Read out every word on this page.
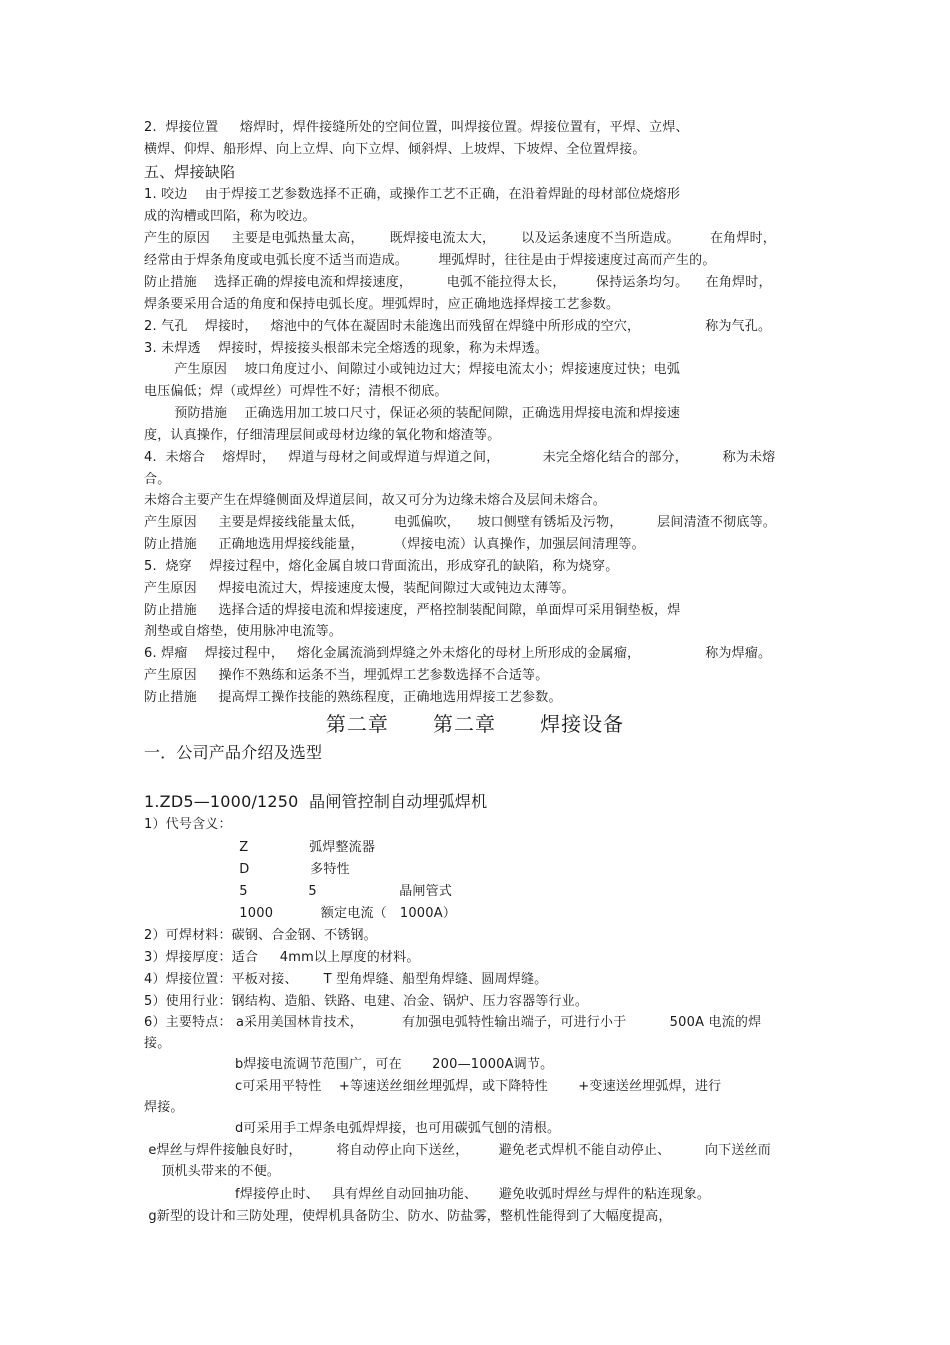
2.  焊接位置     熔焊时，焊件接缝所处的空间位置，叫焊接位置。焊接位置有，平焊、立焊、
横焊、仰焊、船形焊、向上立焊、向下立焊、倾斜焊、上坡焊、下坡焊、全位置焊接。
五、焊接缺陷
1. 咬边    由于焊接工艺参数选择不正确，或操作工艺不正确，在沿着焊趾的母材部位烧熔形
成的沟槽或凹陷，称为咬边。
产生的原因     主要是电弧热量太高，      既焊接电流太大，      以及运条速度不当所造成。       在角焊时，
经常由于焊条角度或电弧长度不适当而造成。       埋弧焊时，往往是由于焊接速度过高而产生的。
防止措施    选择正确的焊接电流和焊接速度，        电弧不能拉得太长，       保持运条均匀。    在角焊时，
焊条要采用合适的角度和保持电弧长度。埋弧焊时，应正确地选择焊接工艺参数。
2. 气孔    焊接时，   熔池中的气体在凝固时未能逸出而残留在焊缝中所形成的空穴，               称为气孔。
3. 未焊透    焊接时，焊接接头根部未完全熔透的现象，称为未焊透。
产生原因    坡口角度过小、间隙过小或钝边过大；焊接电流太小；焊接速度过快；电弧
电压偏低；焊（或焊丝）可焊性不好；清根不彻底。
预防措施    正确选用加工坡口尺寸，保证必须的装配间隙，正确选用焊接电流和焊接速
度，认真操作，仔细清理层间或母材边缘的氧化物和熔渣等。
4.  未熔合    熔焊时，   焊道与母材之间或焊道与焊道之间，          未完全熔化结合的部分，        称为未熔
合。
未熔合主要产生在焊缝侧面及焊道层间，故又可分为边缘未熔合及层间未熔合。
产生原因     主要是焊接线能量太低，       电弧偏吹，    坡口侧壁有锈垢及污物，        层间清渣不彻底等。
防止措施     正确地选用焊接线能量，       （焊接电流）认真操作，加强层间清理等。
5.  烧穿    焊接过程中，熔化金属自坡口背面流出，形成穿孔的缺陷，称为烧穿。
产生原因     焊接电流过大，焊接速度太慢，装配间隙过大或钝边太薄等。
防止措施     选择合适的焊接电流和焊接速度，严格控制装配间隙，单面焊可采用铜垫板，焊
剂垫或自熔垫，使用脉冲电流等。
6. 焊瘤    焊接过程中，   熔化金属流淌到焊缝之外未熔化的母材上所形成的金属瘤，               称为焊瘤。
产生原因     操作不熟练和运条不当，埋弧焊工艺参数选择不合适等。
防止措施     提高焊工操作技能的熟练程度，正确地选用焊接工艺参数。
第二章      第二章      焊接设备
一．公司产品介绍及选型
1.ZD5—1000/1250  晶闸管控制自动埋弧焊机
1）代号含义：
Z              弧焊整流器
D              多特性
5              5                   晶闸管式
1000           额定电流（   1000A）
2）可焊材料：碳钢、合金钢、不锈钢。
3）焊接厚度：适合     4mm以上厚度的材料。
4）焊接位置：平板对接、      T 型角焊缝、船型角焊缝、圆周焊缝。
5）使用行业：钢结构、造船、铁路、电建、冶金、锅炉、压力容器等行业。
6）主要特点： a采用美国林肯技术，         有加强电弧特性输出端子，可进行小于          500A 电流的焊
接。
b焊接电流调节范围广，可在       200—1000A调节。
c可采用平特性    +等速送丝细丝埋弧焊，或下降特性       +变速送丝埋弧焊，进行
焊接。
d可采用手工焊条电弧焊焊接，也可用碳弧气刨的清根。
e焊丝与焊件接触良好时，        将自动停止向下送丝，       避免老式焊机不能自动停止、        向下送丝而
顶机头带来的不便。
f焊接停止时、   具有焊丝自动回抽功能、     避免收弧时焊丝与焊件的粘连现象。
g新型的设计和三防处理，使焊机具备防尘、防水、防盐雾，整机性能得到了大幅度提高，
